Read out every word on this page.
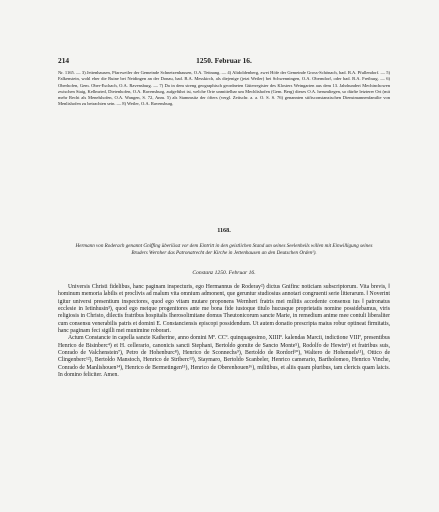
214	1250. Februar 16.

Nr. 1165. — 3) Jettenhausen, Pfarrweiler der Gemeinde Schnetzenhausen, O.A. Tettnang. — 4) Altdoldenberg, zwei Höfe der Gemeinde Gross-Schönach, bad. B.A. Pfullendorf. — 5) Falkenstein, wohl eher die Ruine bei Neidingen an der Donau, bad. B.A. Messkirch, als diejenige (jetzt Weiler) bei Schwenningen, O.A. Oberndorf, oder bad. B.A. Freiburg. — 6) Oberhofen, Gem. Ober-Eschach, O.A. Ravensburg. — 7) Da in dem streng geographisch geordneten Güterregister des Klosters Weingarten aus dem 13. Jahrhundert Mechinchowen zwischen Staig, Kellmried, Dietenhofen, O.A. Ravensburg, aufgeführt ist, welche Orte unmittelbar um Mechlishofen (Gem. Berg) dieses O.A. herumliegen, so dürfte letzterer Ort (mit mehr Recht als Menelshofen, O.A. Wangen, S. 72, Anm. 5) als Stammsitz der öfters (vergl. Zeitschr. a. a. O. S. S. 76) genannten stiftsconstanzischen Dienstmannenfamilie von Menlishofen zu betrachten sein. — 8) Weiler, O.A. Ravensburg.

1168.

Hermann von Roderach genannt Gniffing überlässt vor dem Eintritt in den geistlichen Stand um seines Seelenheils willen mit Einwilligung seines Bruders Wernher das Patronatrecht der Kirche in Jettenhausen an den Deutschen Orden¹).

Constanz 1250. Februar 16.

Universis Christi fidelibus, hanc paginam inspecturis, ego Hermannus de Roderay²) dictus Gnifinc noticiam subscriptorum. Vita brevis, ‖ hominum memoria labilis et proclivis ad malum vita omnium admonent, que geruntur studiosius annotari congruenti serie litterarum. ‖ Noverint igitur universi presentium inspectores, quod ego vitam mutare proponens Wernheri fratris mei militis accedente consensu ius ‖ patronatus ecclesie in Ietinhusin³), quod ego meique progenitores ante me bona fide iustoque titulo hucusque proprietatis nomine possidebamus, viris religiosis in Christo, dilectis fratribus hospitalis Iherosolimitane domus Theutonicorum sancte Marie, in remedium anime mee contuli liberaliter cum consensu venerabilis patris et domini E. Constanciensis episcopi possidendum. Ut autem donatio prescripta maius robur optineat firmitatis, hanc paginam feci sigilli mei munimine roborari.

Actum Constancie in capella sancte Katherine, anno domini Mº. CCº. quinquagesimo, XIIIIº. kalendas Marcii, indictione VIIIª, presentibus Henrico de Bisinberc⁴) et H. cellerario, canonicis sancti Stephani, Bertoldo gomite de Sancto Monte⁵), Rodolfo de Hewin⁶) et fratribus suis, Conrado de Valchenstein⁷), Petro de Hohenburc⁸), Henrico de Sconnechs⁹), Bertoldo de Rordorf¹⁰), Waltero de Hohenuels¹¹), Ottico de Clingenberc¹²), Bertoldo Manstoch, Henrico de Striberc¹³), Staymaro, Bertoldo Scanbeler, Henrico camerario, Bartholomeo, Henrico Vinche, Conrado de Manlishouen¹⁴), Henrico de Bermetingen¹⁵), Henrico de Oberenhouen¹⁶), militibus, et aliis quam pluribus, tam clericis quam laicis. In domino feliciter. Amen.
